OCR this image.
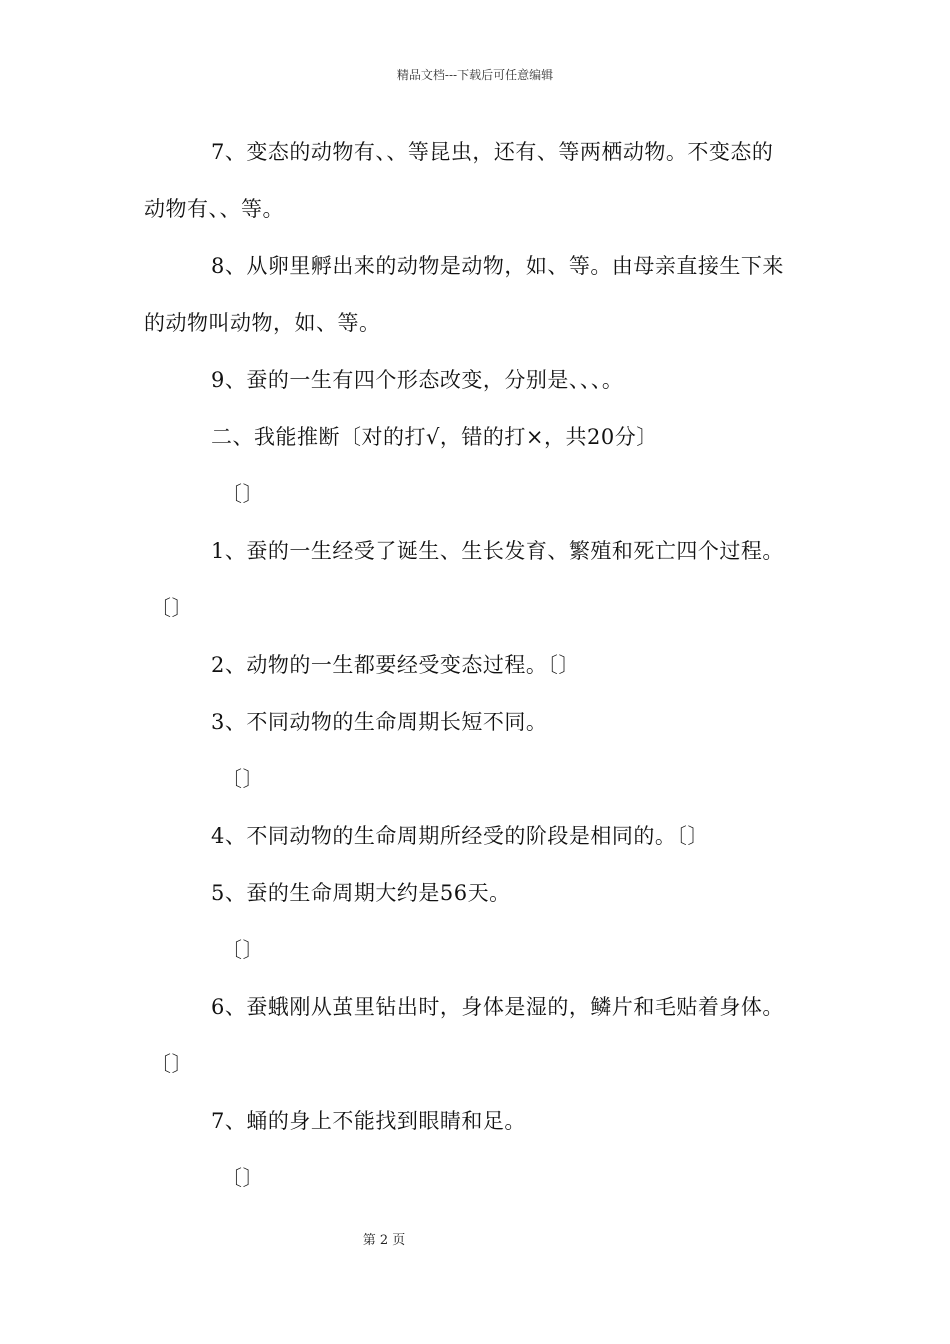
精品文档---下载后可任意编辑
7、变态的动物有、、等昆虫，还有、等两栖动物。不变态的
动物有、、等。
8、从卵里孵出来的动物是动物，如、等。由母亲直接生下来
的动物叫动物，如、等。
9、蚕的一生有四个形态改变，分别是、、、。
二、我能推断〔对的打√，错的打×，共20分〕
〔〕
1、蚕的一生经受了诞生、生长发育、繁殖和死亡四个过程。
〔〕
2、动物的一生都要经受变态过程。〔〕
3、不同动物的生命周期长短不同。
〔〕
4、不同动物的生命周期所经受的阶段是相同的。〔〕
5、蚕的生命周期大约是56天。
〔〕
6、蚕蛾刚从茧里钻出时，身体是湿的，鳞片和毛贴着身体。
〔〕
7、蛹的身上不能找到眼睛和足。
〔〕
第 2 页
